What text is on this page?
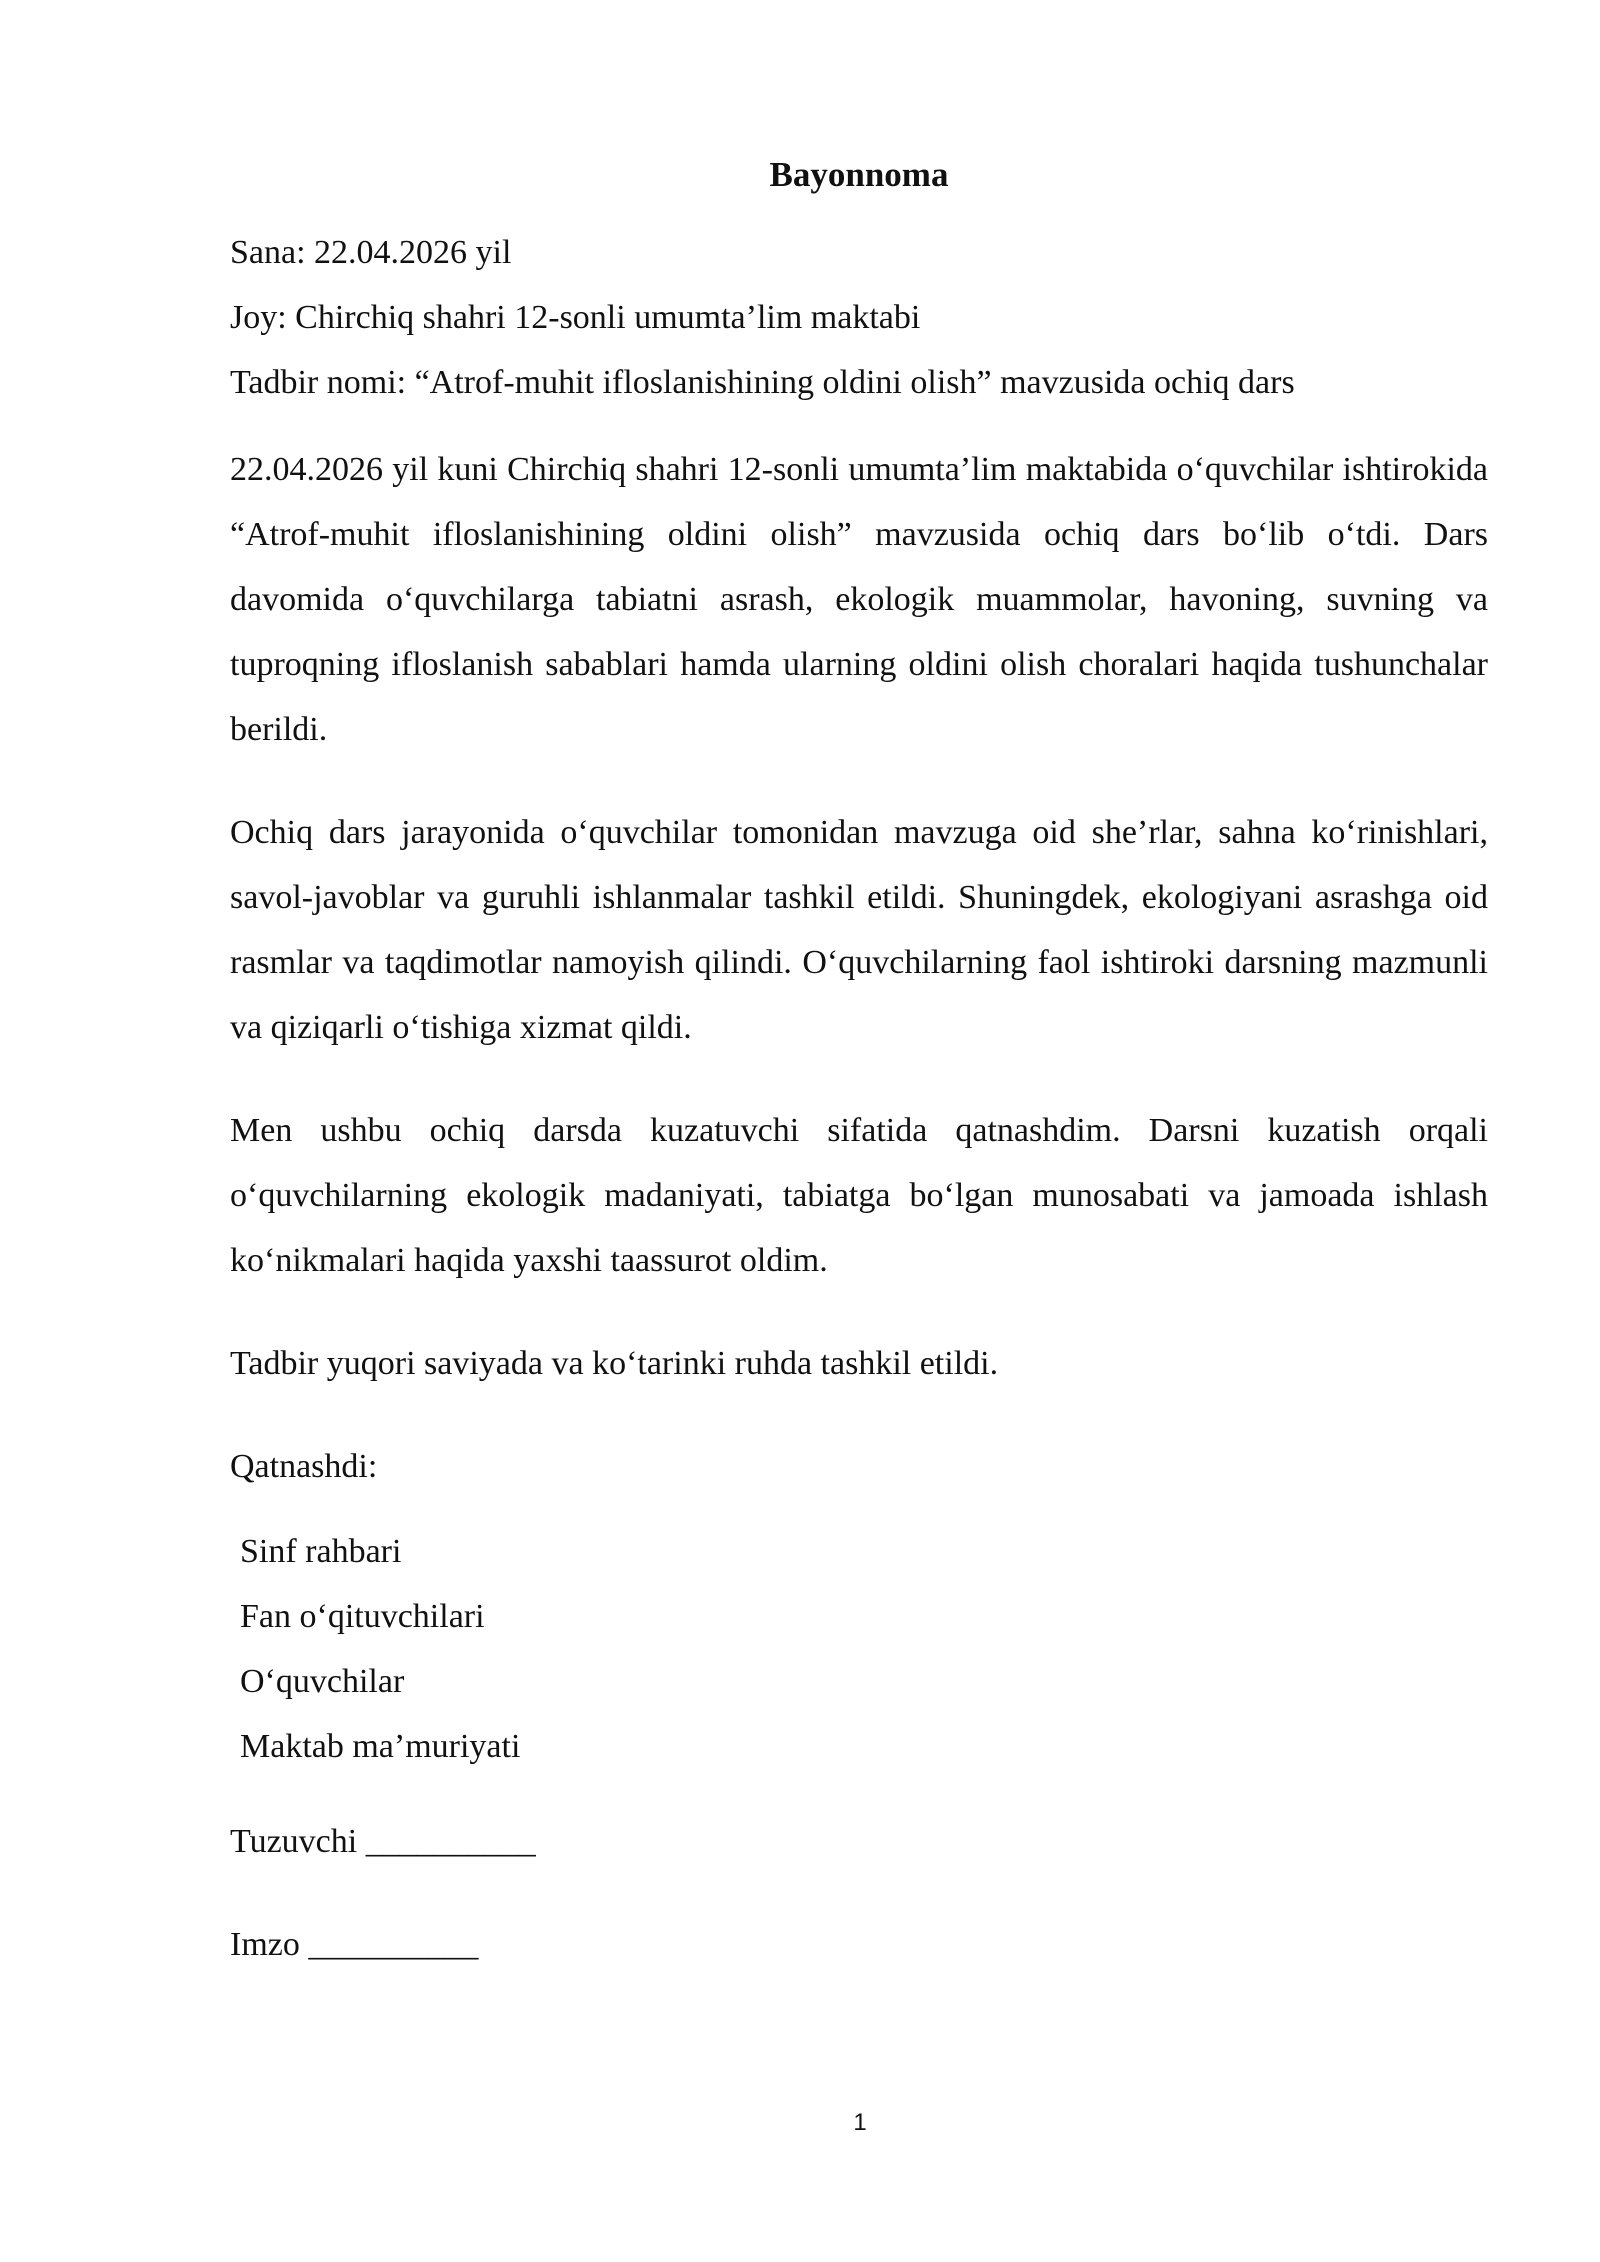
Bayonnoma

Sana: 22.04.2026 yil

Joy: Chirchiq shahri 12-sonli umumta’lim maktabi

Tadbir nomi: “Atrof-muhit ifloslanishining oldini olish” mavzusida ochiq dars

22.04.2026 yil kuni Chirchiq shahri 12-sonli umumta’lim maktabida o‘quvchilar ishtirokida “Atrof-muhit ifloslanishining oldini olish” mavzusida ochiq dars bo‘lib o‘tdi. Dars davomida o‘quvchilarga tabiatni asrash, ekologik muammolar, havoning, suvning va tuproqning ifloslanish sabablari hamda ularning oldini olish choralari haqida tushunchalar berildi.

Ochiq dars jarayonida o‘quvchilar tomonidan mavzuga oid she’rlar, sahna ko‘rinishlari, savol-javoblar va guruhli ishlanmalar tashkil etildi. Shuningdek, ekologiyani asrashga oid rasmlar va taqdimotlar namoyish qilindi. O‘quvchilarning faol ishtiroki darsning mazmunli va qiziqarli o‘tishiga xizmat qildi.

Men ushbu ochiq darsda kuzatuvchi sifatida qatnashdim. Darsni kuzatish orqali o‘quvchilarning ekologik madaniyati, tabiatga bo‘lgan munosabati va jamoada ishlash ko‘nikmalari haqida yaxshi taassurot oldim.

Tadbir yuqori saviyada va ko‘tarinki ruhda tashkil etildi.

Qatnashdi:

Sinf rahbari
Fan o‘qituvchilari
O‘quvchilar
Maktab ma’muriyati

Tuzuvchi __________

Imzo __________

1
